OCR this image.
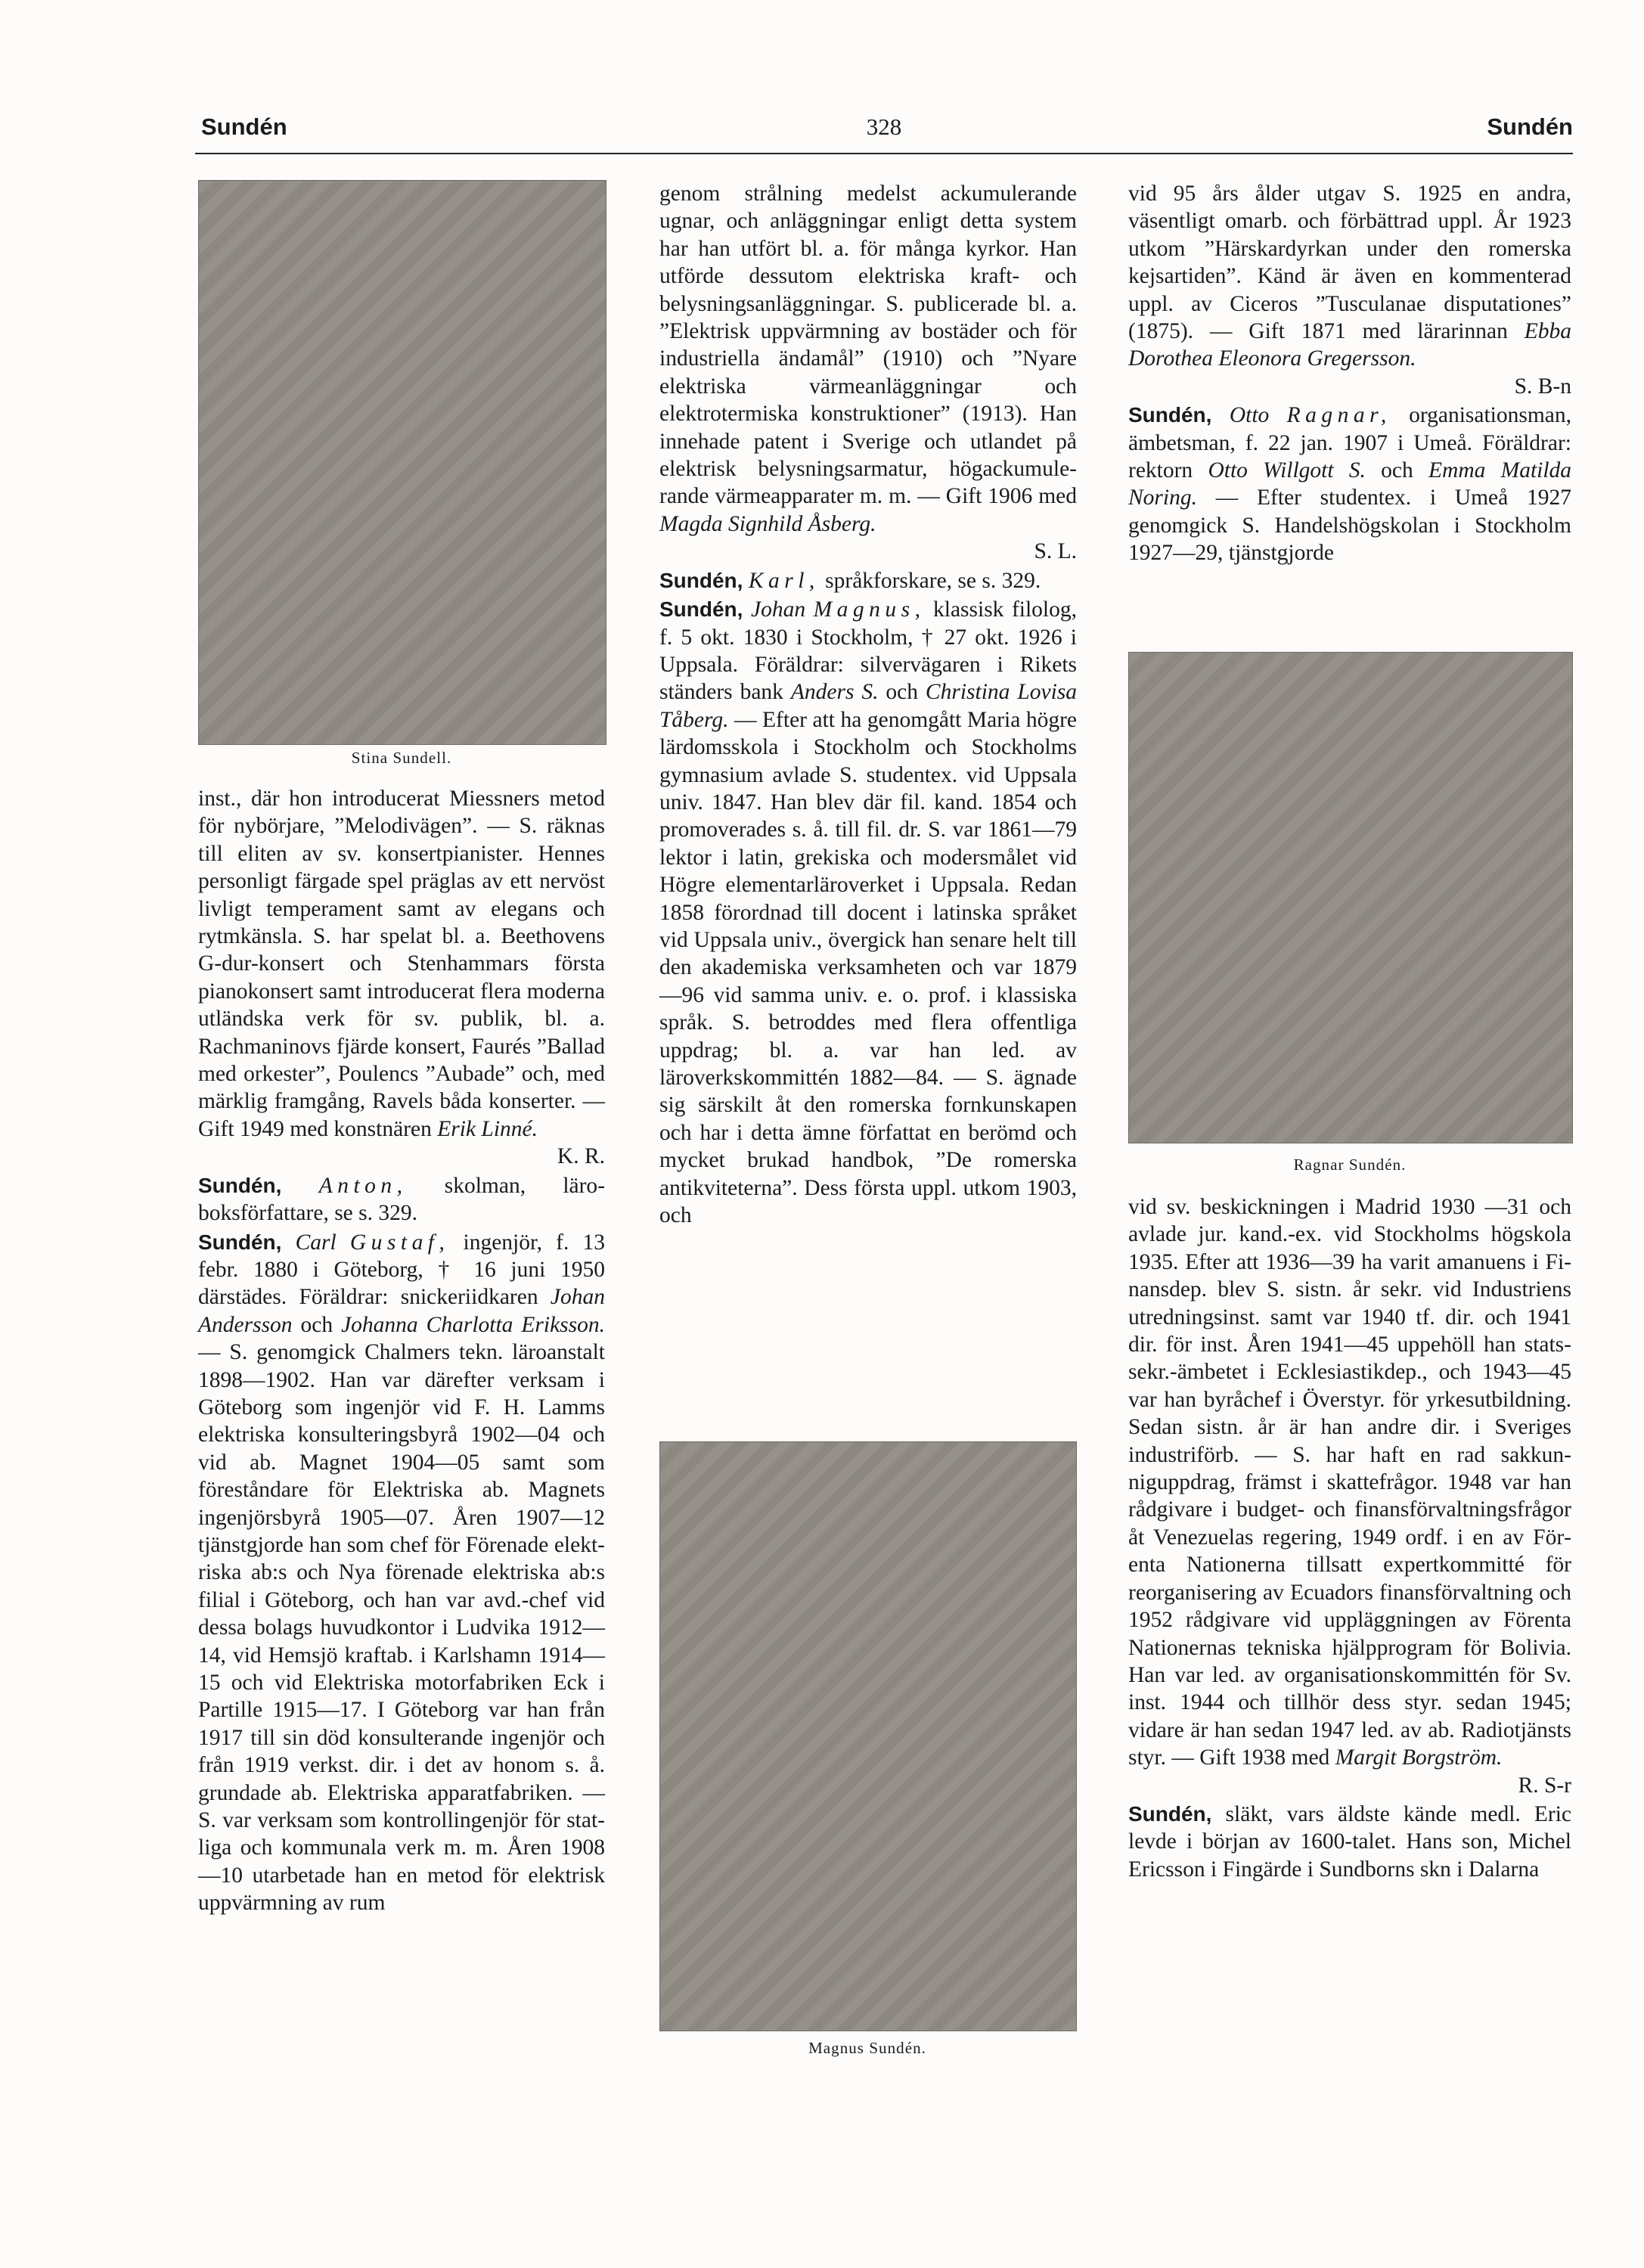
Sundén	328	Sundén
Stina Sundell.
Ragnar Sundén.
Magnus Sundén.

inst., där hon introducerat Miessners metod för nybörjare, ”Melodivägen”. — S. räknas till eliten av sv. konsertpianister. Hennes personligt färgade spel präglas av ett nervöst livligt temperament samt av elegans och rytmkänsla. S. har spelat bl. a. Beethovens G-dur-konsert och Stenhammars första pianokonsert samt introducerat flera moderna utländska verk för sv. publik, bl. a. Rachmaninovs fjärde konsert, Faurés ”Ballad med orkester”, Poulencs ”Aubade” och, med märklig framgång, Ravels båda konserter. — Gift 1949 med konstnären Erik Linné.
K. R.

Sundén, Anton, skolman, läroboksförfattare, se s. 329.

Sundén, Carl Gustaf, ingenjör, f. 13 febr. 1880 i Göteborg, † 16 juni 1950 därstädes. Föräldrar: snickeriidkaren Johan Andersson och Johanna Charlotta Eriksson. — S. genomgick Chalmers tekn. läroanstalt 1898—1902. Han var därefter verksam i Göteborg som ingenjör vid F. H. Lamms elektriska konsulteringsbyrå 1902—04 och vid ab. Magnet 1904—05 samt som föreståndare för Elektriska ab. Magnets ingenjörsbyrå 1905—07. Åren 1907—12 tjänstgjorde han som chef för Förenade elektriska ab:s och Nya förenade elektriska ab:s filial i Göteborg, och han var avd.-chef vid dessa bolags huvudkontor i Ludvika 1912—14, vid Hemsjö kraftab. i Karlshamn 1914—15 och vid Elektriska motorfabriken Eck i Partille 1915—17. I Göteborg var han från 1917 till sin död konsulterande ingenjör och från 1919 verkst. dir. i det av honom s. å. grundade ab. Elektriska apparatfabriken. — S. var verksam som kontrollingenjör för statliga och kommunala verk m. m. Åren 1908—10 utarbetade han en metod för elektrisk uppvärmning av rum

genom strålning medelst ackumulerande ugnar, och anläggningar enligt detta system har han utfört bl. a. för många kyrkor. Han utförde dessutom elektriska kraft- och belysningsanläggningar. S. publicerade bl. a. ”Elektrisk uppvärmning av bostäder och för industriella ändamål” (1910) och ”Nyare elektriska värmeanläggningar och elektrotermiska konstruktioner” (1913). Han innehade patent i Sverige och utlandet på elektrisk belysningsarmatur, högackumulerande värmeapparater m. m. — Gift 1906 med Magda Signhild Åsberg.
S. L.

Sundén, Karl, språkforskare, se s. 329.

Sundén, Johan Magnus, klassisk filolog, f. 5 okt. 1830 i Stockholm, † 27 okt. 1926 i Uppsala. Föräldrar: silvervägaren i Rikets ständers bank Anders S. och Christina Lovisa Tåberg. — Efter att ha genomgått Maria högre lärdomsskola i Stockholm och Stockholms gymnasium avlade S. studentex. vid Uppsala univ. 1847. Han blev där fil. kand. 1854 och promoverades s. å. till fil. dr. S. var 1861—79 lektor i latin, grekiska och modersmålet vid Högre elementarläroverket i Uppsala. Redan 1858 förordnad till docent i latinska språket vid Uppsala univ., övergick han senare helt till den akademiska verksamheten och var 1879 —96 vid samma univ. e. o. prof. i klassiska språk. S. betroddes med flera offentliga uppdrag; bl. a. var han led. av läroverkskommittén 1882—84. — S. ägnade sig särskilt åt den romerska fornkunskapen och har i detta ämne författat en berömd och mycket brukad handbok, ”De romerska antikviteterna”. Dess första uppl. utkom 1903, och

vid 95 års ålder utgav S. 1925 en andra, väsentligt omarb. och förbättrad uppl. År 1923 utkom ”Härskardyrkan under den romerska kejsartiden”. Känd är även en kommenterad uppl. av Ciceros ”Tusculanae disputationes” (1875). — Gift 1871 med lärarinnan Ebba Dorothea Eleonora Gregersson.
S. B-n

Sundén, Otto Ragnar, organisationsman, ämbetsman, f. 22 jan. 1907 i Umeå. Föräldrar: rektorn Otto Willgott S. och Emma Matilda Noring. — Efter studentex. i Umeå 1927 genomgick S. Handelshögskolan i Stockholm 1927—29, tjänstgjorde

vid sv. beskickningen i Madrid 1930 —31 och avlade jur. kand.-ex. vid Stockholms högskola 1935. Efter att 1936—39 ha varit amanuens i Finansdep. blev S. sistn. år sekr. vid Industriens utredningsinst. samt var 1940 tf. dir. och 1941 dir. för inst. Åren 1941—45 uppehöll han statssekr.-ämbetet i Ecklesiastikdep., och 1943—45 var han byråchef i Överstyr. för yrkesutbildning. Sedan sistn. år är han andre dir. i Sveriges industriförb. — S. har haft en rad sakkunniguppdrag, främst i skattefrågor. 1948 var han rådgivare i budget- och finansförvaltningsfrågor åt Venezuelas regering, 1949 ordf. i en av Förenta Nationerna tillsatt expertkommitté för reorganisering av Ecuadors finansförvaltning och 1952 rådgivare vid uppläggningen av Förenta Nationernas tekniska hjälpprogram för Bolivia. Han var led. av organisationskommittén för Sv. inst. 1944 och tillhör dess styr. sedan 1945; vidare är han sedan 1947 led. av ab. Radiotjänsts styr. — Gift 1938 med Margit Borgström.
R. S-r

Sundén, släkt, vars äldste kände medl. Eric levde i början av 1600-talet. Hans son, Michel Ericsson i Fingärde i Sundborns skn i Dalarna
